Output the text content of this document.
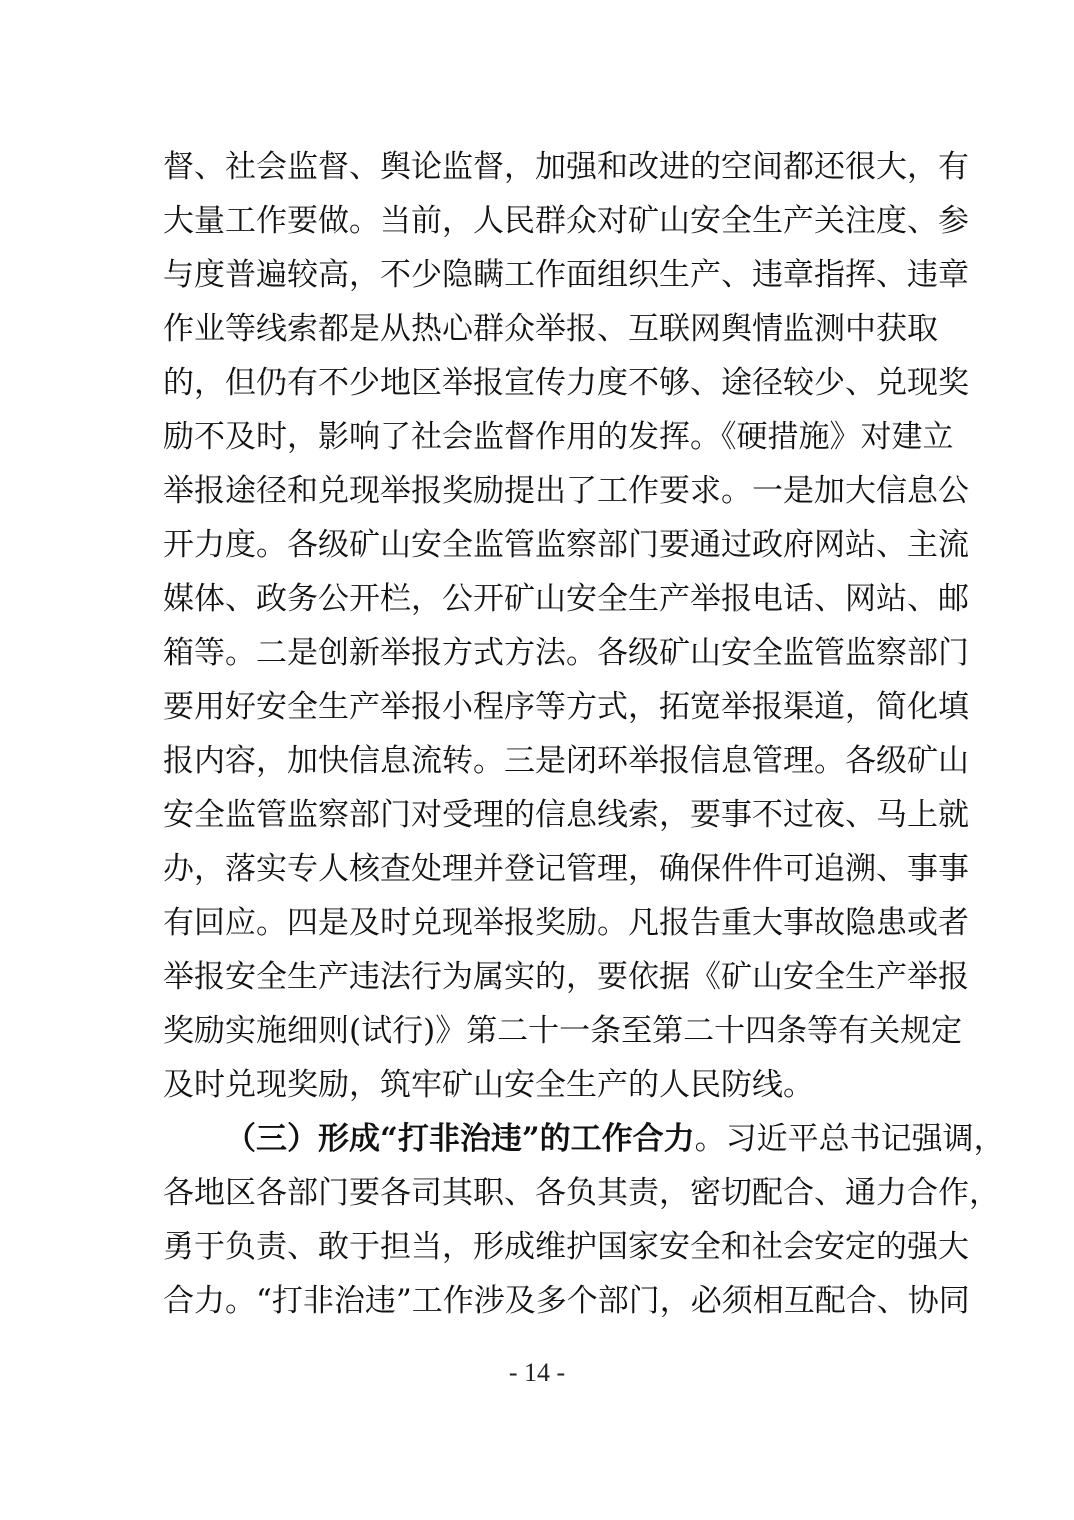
督、社会监督、舆论监督，加强和改进的空间都还很大，有
大量工作要做。当前，人民群众对矿山安全生产关注度、参
与度普遍较高，不少隐瞒工作面组织生产、违章指挥、违章
作业等线索都是从热心群众举报、互联网舆情监测中获取
的，但仍有不少地区举报宣传力度不够、途径较少、兑现奖
励不及时，影响了社会监督作用的发挥。《硬措施》对建立
举报途径和兑现举报奖励提出了工作要求。一是加大信息公
开力度。各级矿山安全监管监察部门要通过政府网站、主流
媒体、政务公开栏，公开矿山安全生产举报电话、网站、邮
箱等。二是创新举报方式方法。各级矿山安全监管监察部门
要用好安全生产举报小程序等方式，拓宽举报渠道，简化填
报内容，加快信息流转。三是闭环举报信息管理。各级矿山
安全监管监察部门对受理的信息线索，要事不过夜、马上就
办，落实专人核查处理并登记管理，确保件件可追溯、事事
有回应。四是及时兑现举报奖励。凡报告重大事故隐患或者
举报安全生产违法行为属实的，要依据《矿山安全生产举报
奖励实施细则(试行)》第二十一条至第二十四条等有关规定
及时兑现奖励，筑牢矿山安全生产的人民防线。
（三）形成“打非治违”的工作合力。习近平总书记强调，
各地区各部门要各司其职、各负其责，密切配合、通力合作，
勇于负责、敢于担当，形成维护国家安全和社会安定的强大
合力。“打非治违”工作涉及多个部门，必须相互配合、协同
- 14 -
